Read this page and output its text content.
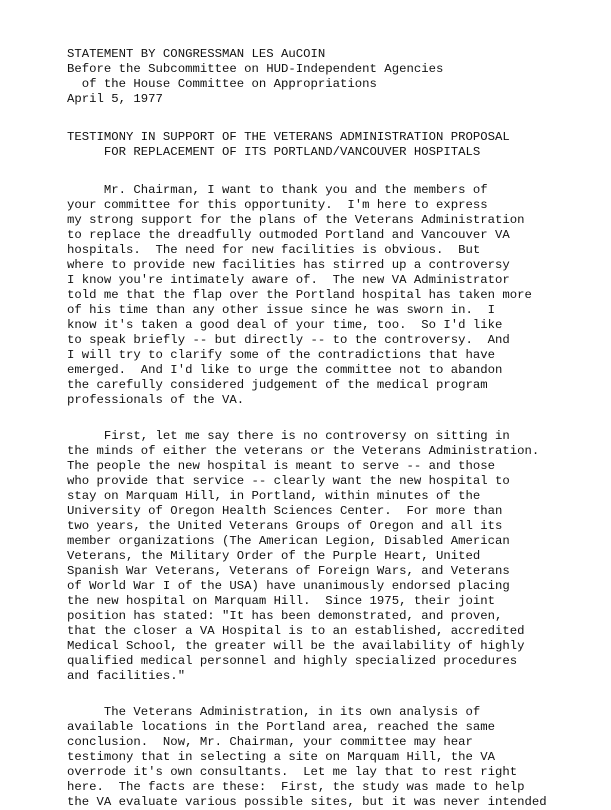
STATEMENT BY CONGRESSMAN LES AuCOIN
Before the Subcommittee on HUD-Independent Agencies
of the House Committee on Appropriations
April 5, 1977
TESTIMONY IN SUPPORT OF THE VETERANS ADMINISTRATION PROPOSAL
FOR REPLACEMENT OF ITS PORTLAND/VANCOUVER HOSPITALS
Mr. Chairman, I want to thank you and the members of
your committee for this opportunity.  I'm here to express
my strong support for the plans of the Veterans Administration
to replace the dreadfully outmoded Portland and Vancouver VA
hospitals.  The need for new facilities is obvious.  But
where to provide new facilities has stirred up a controversy
I know you're intimately aware of.  The new VA Administrator
told me that the flap over the Portland hospital has taken more
of his time than any other issue since he was sworn in.  I
know it's taken a good deal of your time, too.  So I'd like
to speak briefly -- but directly -- to the controversy.  And
I will try to clarify some of the contradictions that have
emerged.  And I'd like to urge the committee not to abandon
the carefully considered judgement of the medical program
professionals of the VA.
First, let me say there is no controversy on sitting in
the minds of either the veterans or the Veterans Administration.
The people the new hospital is meant to serve -- and those
who provide that service -- clearly want the new hospital to
stay on Marquam Hill, in Portland, within minutes of the
University of Oregon Health Sciences Center.  For more than
two years, the United Veterans Groups of Oregon and all its
member organizations (The American Legion, Disabled American
Veterans, the Military Order of the Purple Heart, United
Spanish War Veterans, Veterans of Foreign Wars, and Veterans
of World War I of the USA) have unanimously endorsed placing
the new hospital on Marquam Hill.  Since 1975, their joint
position has stated: "It has been demonstrated, and proven,
that the closer a VA Hospital is to an established, accredited
Medical School, the greater will be the availability of highly
qualified medical personnel and highly specialized procedures
and facilities."
The Veterans Administration, in its own analysis of
available locations in the Portland area, reached the same
conclusion.  Now, Mr. Chairman, your committee may hear
testimony that in selecting a site on Marquam Hill, the VA
overrode it's own consultants.  Let me lay that to rest right
here.  The facts are these:  First, the study was made to help
the VA evaluate various possible sites, but it was never intended
